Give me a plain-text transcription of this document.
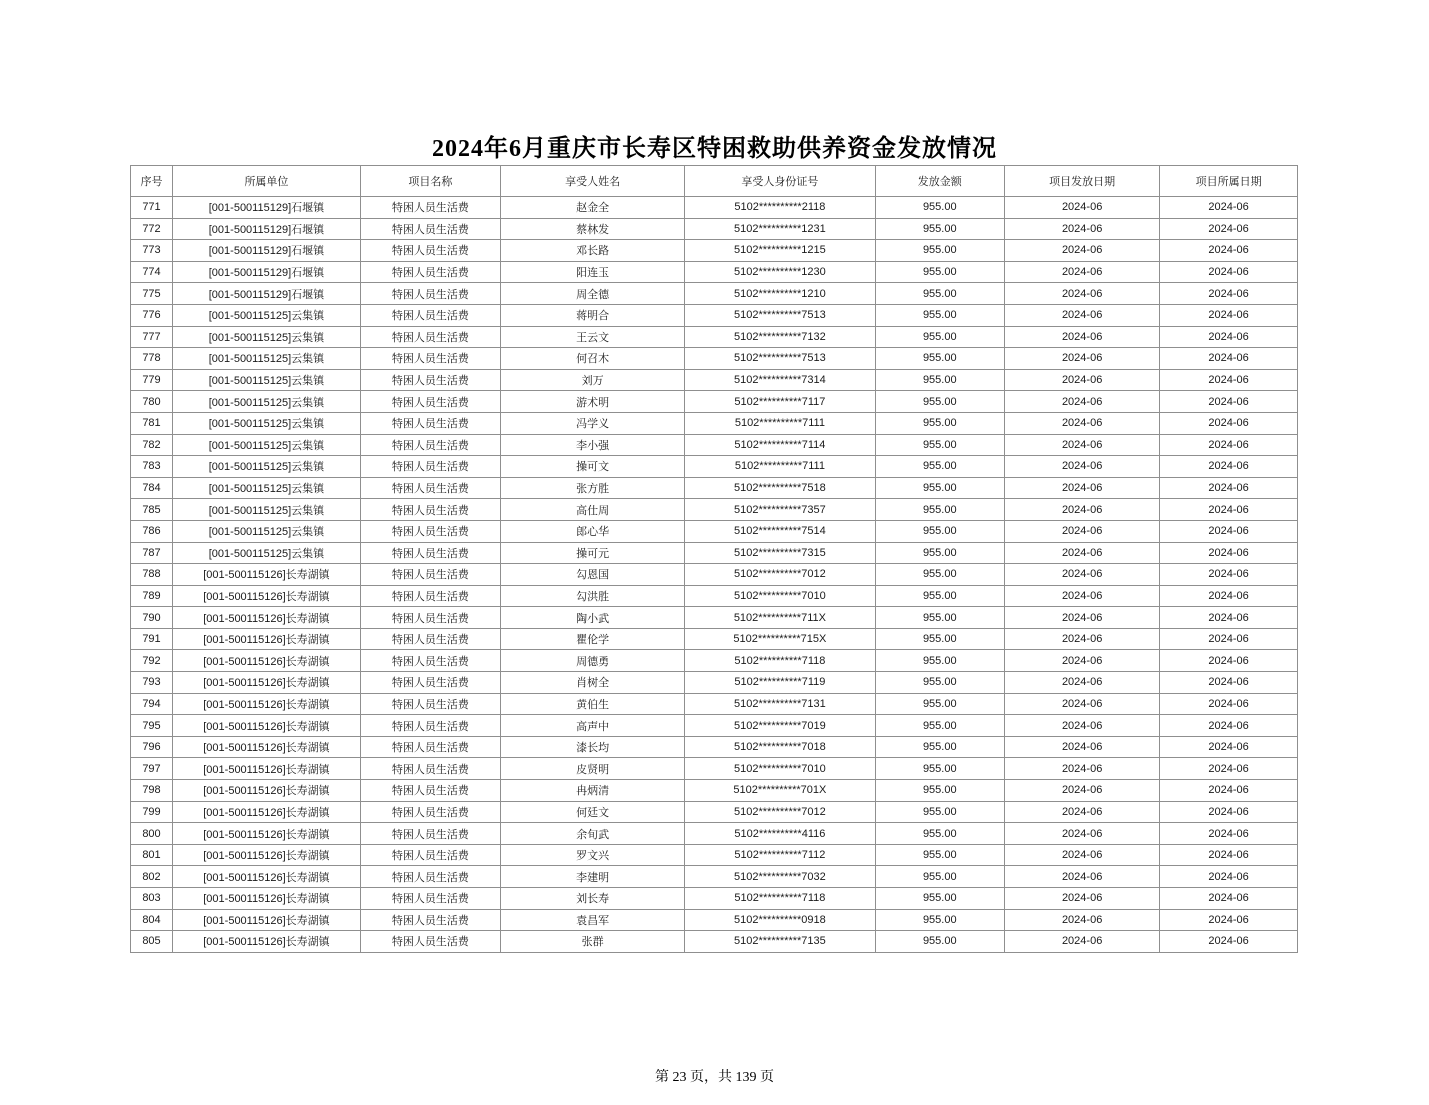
2024年6月重庆市长寿区特困救助供养资金发放情况
序号	所属单位	项目名称	享受人姓名	享受人身份证号	发放金额	项目发放日期	项目所属日期
771	[001-500115129]石堰镇	特困人员生活费	赵金全	5102**********2118	955.00	2024-06	2024-06
772	[001-500115129]石堰镇	特困人员生活费	蔡林发	5102**********1231	955.00	2024-06	2024-06
773	[001-500115129]石堰镇	特困人员生活费	邓长路	5102**********1215	955.00	2024-06	2024-06
774	[001-500115129]石堰镇	特困人员生活费	阳连玉	5102**********1230	955.00	2024-06	2024-06
775	[001-500115129]石堰镇	特困人员生活费	周全德	5102**********1210	955.00	2024-06	2024-06
776	[001-500115125]云集镇	特困人员生活费	蒋明合	5102**********7513	955.00	2024-06	2024-06
777	[001-500115125]云集镇	特困人员生活费	王云文	5102**********7132	955.00	2024-06	2024-06
778	[001-500115125]云集镇	特困人员生活费	何召木	5102**********7513	955.00	2024-06	2024-06
779	[001-500115125]云集镇	特困人员生活费	刘万	5102**********7314	955.00	2024-06	2024-06
780	[001-500115125]云集镇	特困人员生活费	游术明	5102**********7117	955.00	2024-06	2024-06
781	[001-500115125]云集镇	特困人员生活费	冯学义	5102**********7111	955.00	2024-06	2024-06
782	[001-500115125]云集镇	特困人员生活费	李小强	5102**********7114	955.00	2024-06	2024-06
783	[001-500115125]云集镇	特困人员生活费	操可文	5102**********7111	955.00	2024-06	2024-06
784	[001-500115125]云集镇	特困人员生活费	张方胜	5102**********7518	955.00	2024-06	2024-06
785	[001-500115125]云集镇	特困人员生活费	高仕周	5102**********7357	955.00	2024-06	2024-06
786	[001-500115125]云集镇	特困人员生活费	郎心华	5102**********7514	955.00	2024-06	2024-06
787	[001-500115125]云集镇	特困人员生活费	操可元	5102**********7315	955.00	2024-06	2024-06
788	[001-500115126]长寿湖镇	特困人员生活费	勾恩国	5102**********7012	955.00	2024-06	2024-06
789	[001-500115126]长寿湖镇	特困人员生活费	勾洪胜	5102**********7010	955.00	2024-06	2024-06
790	[001-500115126]长寿湖镇	特困人员生活费	陶小武	5102**********711X	955.00	2024-06	2024-06
791	[001-500115126]长寿湖镇	特困人员生活费	瞿伦学	5102**********715X	955.00	2024-06	2024-06
792	[001-500115126]长寿湖镇	特困人员生活费	周德勇	5102**********7118	955.00	2024-06	2024-06
793	[001-500115126]长寿湖镇	特困人员生活费	肖树全	5102**********7119	955.00	2024-06	2024-06
794	[001-500115126]长寿湖镇	特困人员生活费	黄伯生	5102**********7131	955.00	2024-06	2024-06
795	[001-500115126]长寿湖镇	特困人员生活费	高声中	5102**********7019	955.00	2024-06	2024-06
796	[001-500115126]长寿湖镇	特困人员生活费	漆长均	5102**********7018	955.00	2024-06	2024-06
797	[001-500115126]长寿湖镇	特困人员生活费	皮贤明	5102**********7010	955.00	2024-06	2024-06
798	[001-500115126]长寿湖镇	特困人员生活费	冉炳清	5102**********701X	955.00	2024-06	2024-06
799	[001-500115126]长寿湖镇	特困人员生活费	何廷文	5102**********7012	955.00	2024-06	2024-06
800	[001-500115126]长寿湖镇	特困人员生活费	余旬武	5102**********4116	955.00	2024-06	2024-06
801	[001-500115126]长寿湖镇	特困人员生活费	罗文兴	5102**********7112	955.00	2024-06	2024-06
802	[001-500115126]长寿湖镇	特困人员生活费	李建明	5102**********7032	955.00	2024-06	2024-06
803	[001-500115126]长寿湖镇	特困人员生活费	刘长寿	5102**********7118	955.00	2024-06	2024-06
804	[001-500115126]长寿湖镇	特困人员生活费	袁昌军	5102**********0918	955.00	2024-06	2024-06
805	[001-500115126]长寿湖镇	特困人员生活费	张群	5102**********7135	955.00	2024-06	2024-06
第 23 页，共 139 页
